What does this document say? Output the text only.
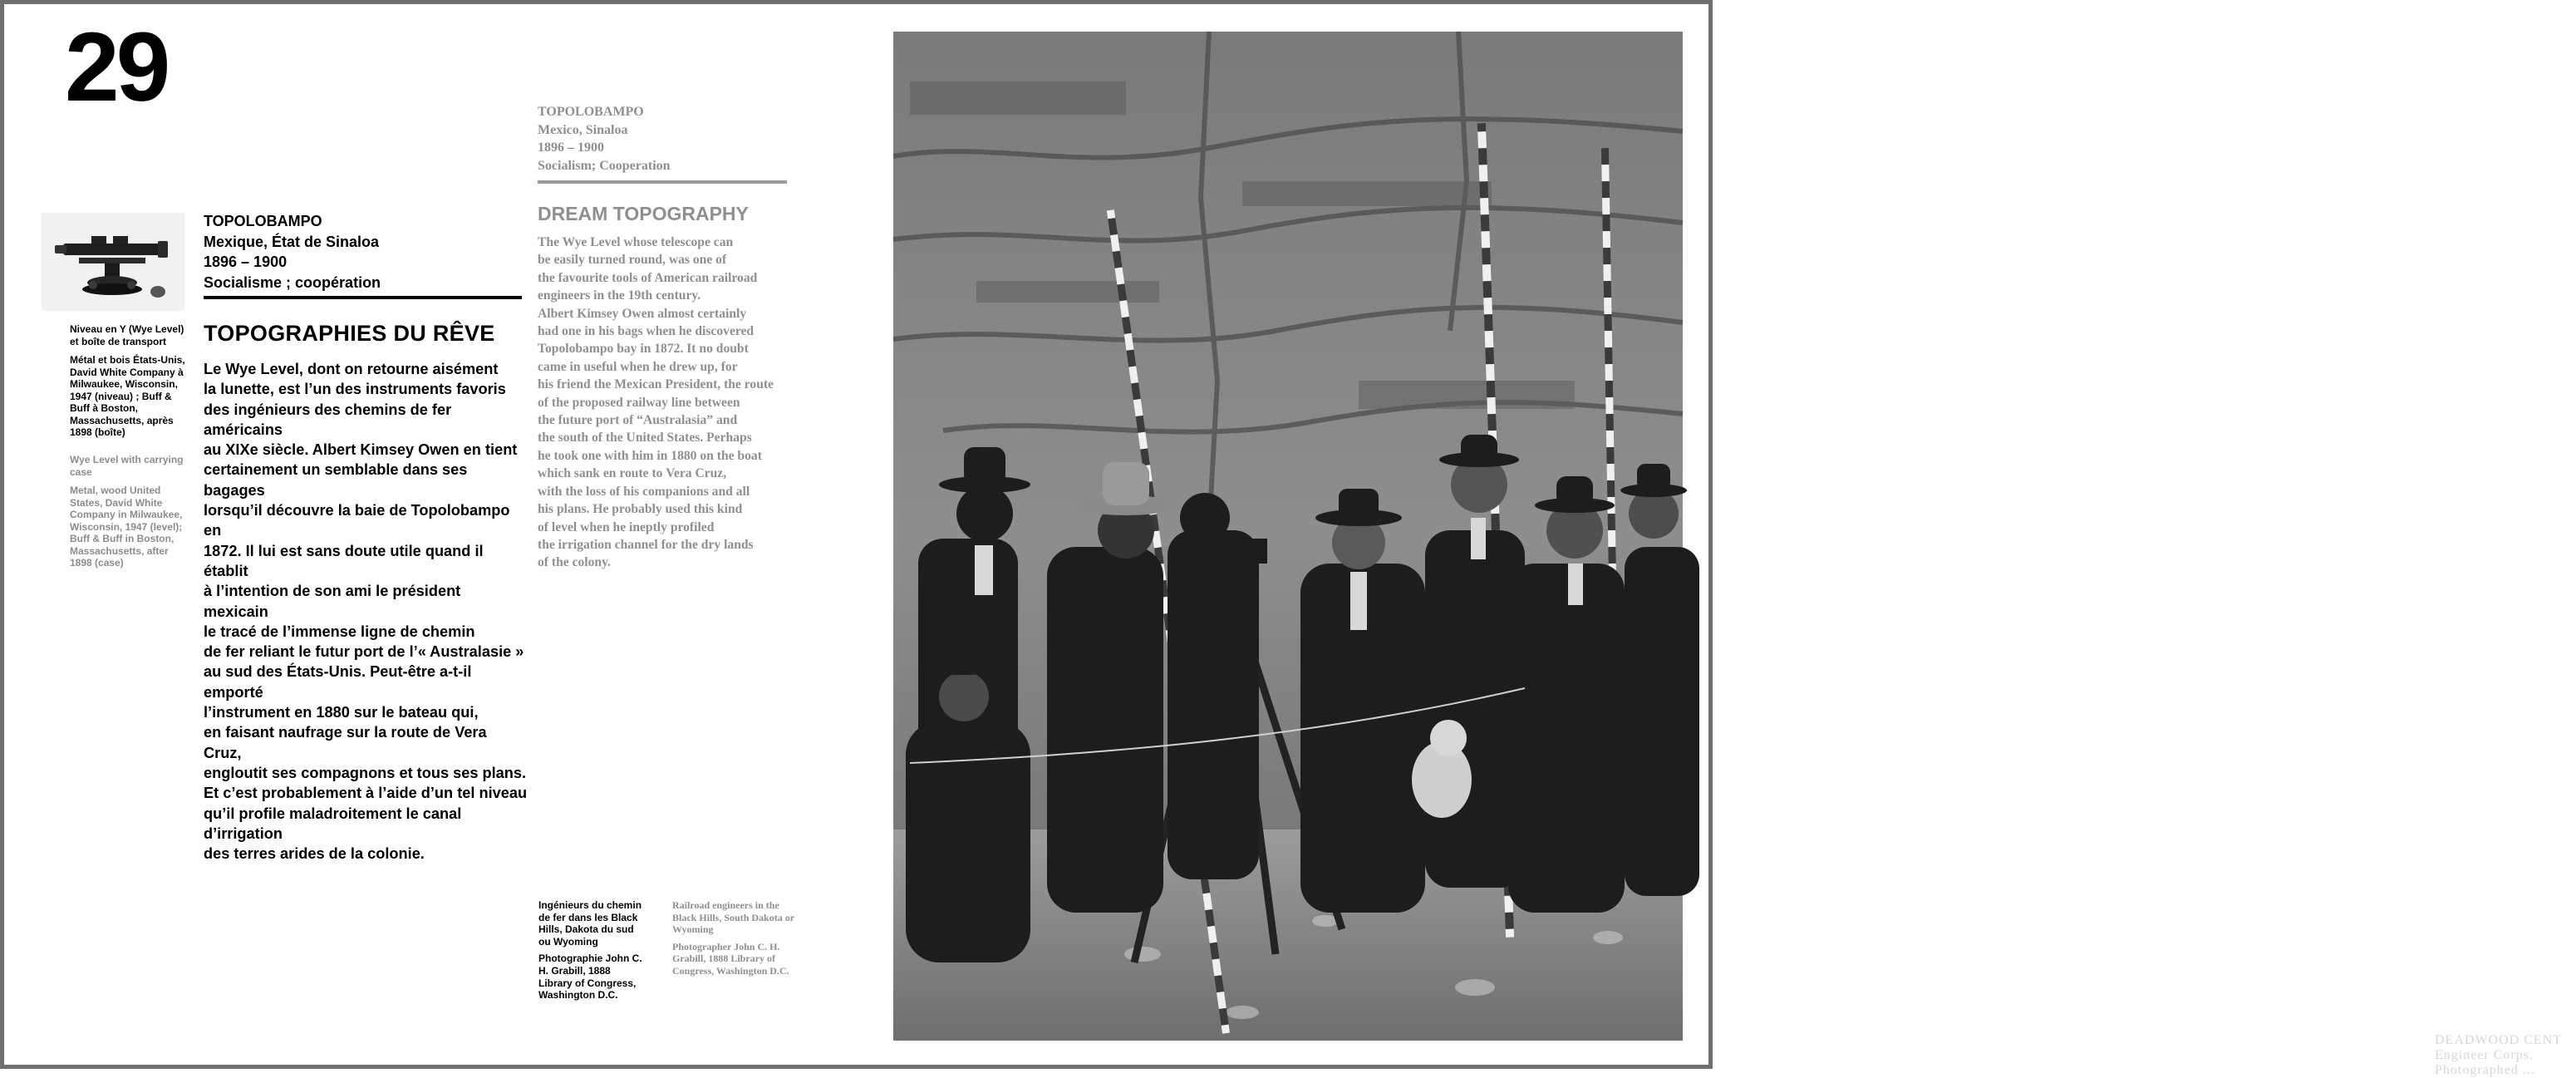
29
Niveau en Y (Wye Level) et boîte de transport
Métal et bois États-Unis, David White Company à Milwaukee, Wisconsin, 1947 (niveau) ; Buff & Buff à Boston, Massachusetts, après 1898 (boîte)
Wye Level with carrying case
Metal, wood United States, David White Company in Milwaukee, Wisconsin, 1947 (level); Buff & Buff in Boston, Massachusetts, after 1898 (case)
TOPOLOBAMPO
Mexique, État de Sinaloa
1896 – 1900
Socialisme ; coopération
TOPOGRAPHIES DU RÊVE
Le Wye Level, dont on retourne aisément
la lunette, est l’un des instruments favoris
des ingénieurs des chemins de fer américains
au XIXe siècle. Albert Kimsey Owen en tient
certainement un semblable dans ses bagages
lorsqu’il découvre la baie de Topolobampo en
1872. Il lui est sans doute utile quand il établit
à l’intention de son ami le président mexicain
le tracé de l’immense ligne de chemin
de fer reliant le futur port de l’« Australasie »
au sud des États-Unis. Peut-être a-t-il emporté
l’instrument en 1880 sur le bateau qui,
en faisant naufrage sur la route de Vera Cruz,
engloutit ses compagnons et tous ses plans.
Et c’est probablement à l’aide d’un tel niveau
qu’il profile maladroitement le canal d’irrigation
des terres arides de la colonie.
TOPOLOBAMPO
Mexico, Sinaloa
1896 – 1900
Socialism; Cooperation
DREAM TOPOGRAPHY
The Wye Level whose telescope can
be easily turned round, was one of
the favourite tools of American railroad
engineers in the 19th century.
Albert Kimsey Owen almost certainly
had one in his bags when he discovered
Topolobampo bay in 1872. It no doubt
came in useful when he drew up, for
his friend the Mexican President, the route
of the proposed railway line between
the future port of “Australasia” and
the south of the United States. Perhaps
he took one with him in 1880 on the boat
which sank en route to Vera Cruz,
with the loss of his companions and all
his plans. He probably used this kind
of level when he ineptly profiled
the irrigation channel for the dry lands
of the colony.
Ingénieurs du chemin de fer dans les Black Hills, Dakota du sud ou Wyoming
Photographie John C. H. Grabill, 1888 Library of Congress, Washington D.C.
Railroad engineers in the Black Hills, South Dakota or Wyoming
Photographer John C. H. Grabill, 1888 Library of Congress, Washington D.C.
DEADWOOD CENT
Engineer Corps.
Photographed ...
